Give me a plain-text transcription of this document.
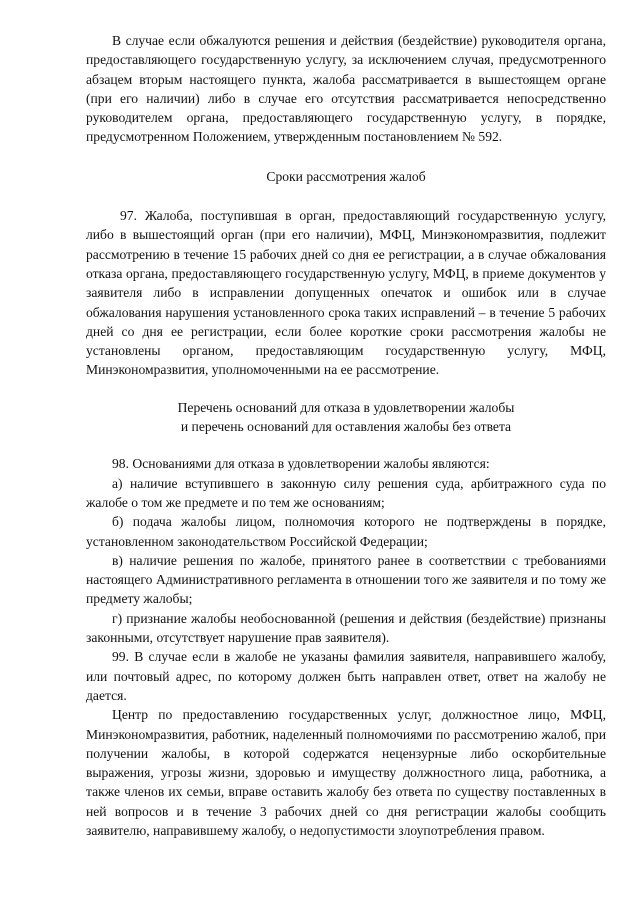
В случае если обжалуются решения и действия (бездействие) руководителя органа, предоставляющего государственную услугу, за исключением случая, предусмотренного абзацем вторым настоящего пункта, жалоба рассматривается в вышестоящем органе (при его наличии) либо в случае его отсутствия рассматривается непосредственно руководителем органа, предоставляющего государственную услугу, в порядке, предусмотренном Положением, утвержденным постановлением № 592.

Сроки рассмотрения жалоб

97. Жалоба, поступившая в орган, предоставляющий государственную услугу, либо в вышестоящий орган (при его наличии), МФЦ, Минэкономразвития, подлежит рассмотрению в течение 15 рабочих дней со дня ее регистрации, а в случае обжалования отказа органа, предоставляющего государственную услугу, МФЦ, в приеме документов у заявителя либо в исправлении допущенных опечаток и ошибок или в случае обжалования нарушения установленного срока таких исправлений – в течение 5 рабочих дней со дня ее регистрации, если более короткие сроки рассмотрения жалобы не установлены органом, предоставляющим государственную услугу, МФЦ, Минэкономразвития, уполномоченными на ее рассмотрение.

Перечень оснований для отказа в удовлетворении жалобы

и перечень оснований для оставления жалобы без ответа

98. Основаниями для отказа в удовлетворении жалобы являются:

а) наличие вступившего в законную силу решения суда, арбитражного суда по жалобе о том же предмете и по тем же основаниям;

б) подача жалобы лицом, полномочия которого не подтверждены в порядке, установленном законодательством Российской Федерации;

в) наличие решения по жалобе, принятого ранее в соответствии с требованиями настоящего Административного регламента в отношении того же заявителя и по тому же предмету жалобы;

г) признание жалобы необоснованной (решения и действия (бездействие) признаны законными, отсутствует нарушение прав заявителя).

99. В случае если в жалобе не указаны фамилия заявителя, направившего жалобу, или почтовый адрес, по которому должен быть направлен ответ, ответ на жалобу не дается.

Центр по предоставлению государственных услуг, должностное лицо, МФЦ, Минэкономразвития, работник, наделенный полномочиями по рассмотрению жалоб, при получении жалобы, в которой содержатся нецензурные либо оскорбительные выражения, угрозы жизни, здоровью и имуществу должностного лица, работника, а также членов их семьи, вправе оставить жалобу без ответа по существу поставленных в ней вопросов и в течение 3 рабочих дней со дня регистрации жалобы сообщить заявителю, направившему жалобу, о недопустимости злоупотребления правом.
